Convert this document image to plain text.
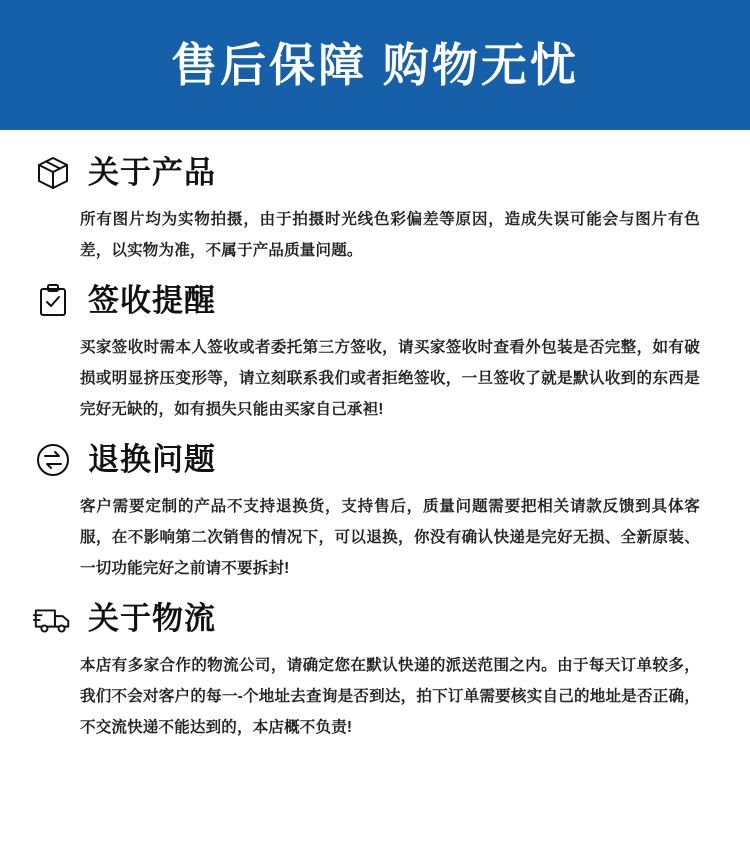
售后保障 购物无忧
关于产品
所有图片均为实物拍摄，由于拍摄时光线色彩偏差等原因，造成失误可能会与图片有色差，以实物为准，不属于产品质量问题。
签收提醒
买家签收时需本人签收或者委托第三方签收，请买家签收时查看外包装是否完整，如有破损或明显挤压变形等，请立刻联系我们或者拒绝签收，一旦签收了就是默认收到的东西是完好无缺的，如有损失只能由买家自己承袒!
退换问题
客户需要定制的产品不支持退换货，支持售后，质量问题需要把相关请款反馈到具体客服，在不影响第二次销售的情况下，可以退换，你没有确认快递是完好无损、全新原装、一切功能完好之前请不要拆封!
关于物流
本店有多家合作的物流公司，请确定您在默认快递的派送范围之内。由于每天订单较多，我们不会对客户的每一-个地址去查询是否到达，拍下订单需要核实自己的地址是否正确，不交流快递不能达到的，本店概不负责!
